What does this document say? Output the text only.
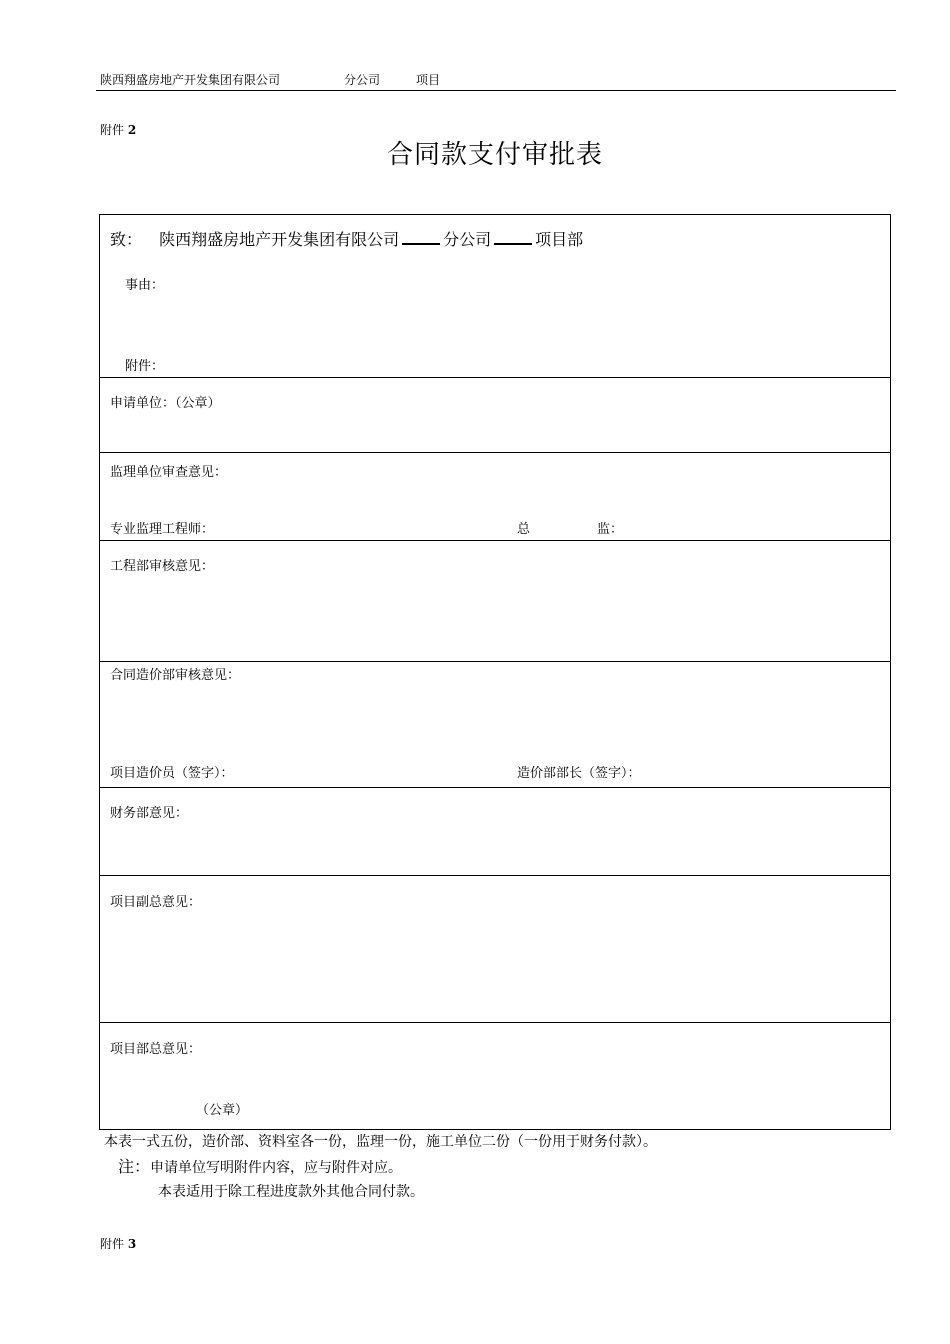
陕西翔盛房地产开发集团有限公司	分公司	项目
附件 2
合同款支付审批表
致： 陕西翔盛房地产开发集团有限公司	分公司	项目部
事由：
附件：
申请单位：（公章）
监理单位审查意见：
专业监理工程师：	总	监：
工程部审核意见：
合同造价部审核意见：
项目造价员（签字）：	造价部部长（签字）：
财务部意见：
项目副总意见：
项目部总意见：
（公章）
本表一式五份，造价部、资料室各一份，监理一份，施工单位二份（一份用于财务付款）。
注：申请单位写明附件内容，应与附件对应。
本表适用于除工程进度款外其他合同付款。
附件 3
